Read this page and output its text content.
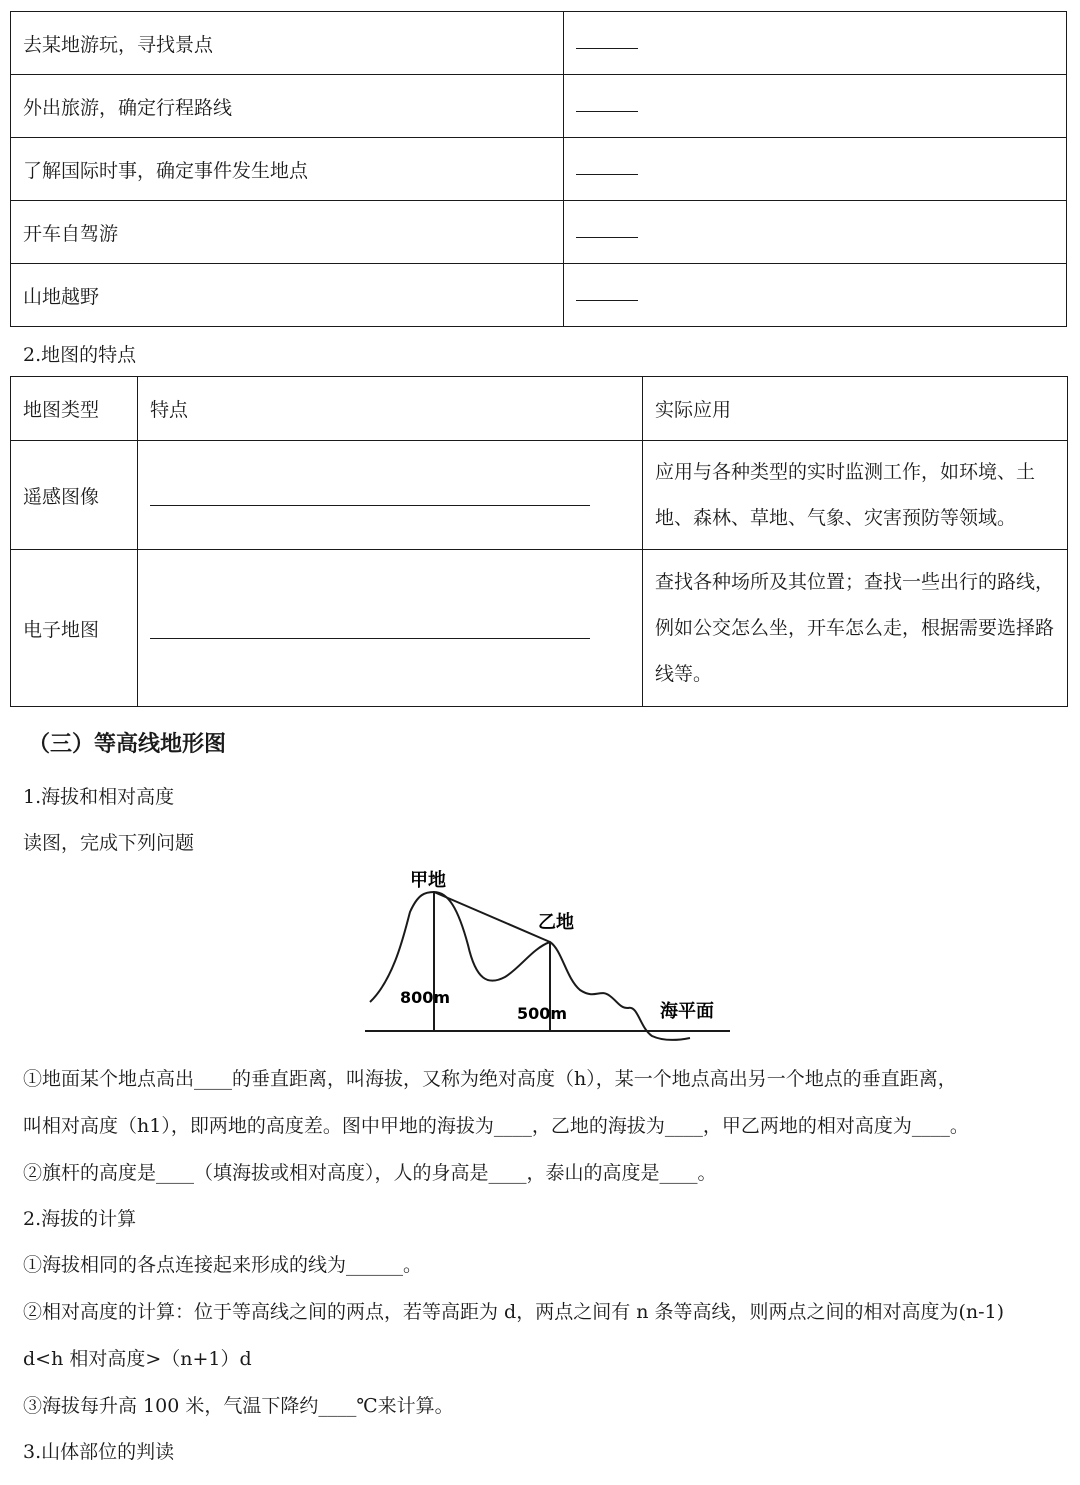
去某地游玩，寻找景点	
外出旅游，确定行程路线	
了解国际时事，确定事件发生地点	
开车自驾游	
山地越野	
2.地图的特点
地图类型	特点	实际应用
遥感图像		应用与各种类型的实时监测工作，如环境、土地、森林、草地、气象、灾害预防等领域。
电子地图		查找各种场所及其位置；查找一些出行的路线，例如公交怎么坐，开车怎么走，根据需要选择路线等。
（三）等高线地形图
1.海拔和相对高度
读图，完成下列问题
甲地
乙地
800m
500m	海平面
①地面某个地点高出____的垂直距离，叫海拔，又称为绝对高度（h），某一个地点高出另一个地点的垂直距离，
叫相对高度（h1），即两地的高度差。图中甲地的海拔为____，乙地的海拔为____，甲乙两地的相对高度为____。
②旗杆的高度是____（填海拔或相对高度），人的身高是____，泰山的高度是____。
2.海拔的计算
①海拔相同的各点连接起来形成的线为______。
②相对高度的计算：位于等高线之间的两点，若等高距为 d，两点之间有 n 条等高线，则两点之间的相对高度为(n-1)
d<h 相对高度>（n+1）d
③海拔每升高 100 米，气温下降约____℃来计算。
3.山体部位的判读
